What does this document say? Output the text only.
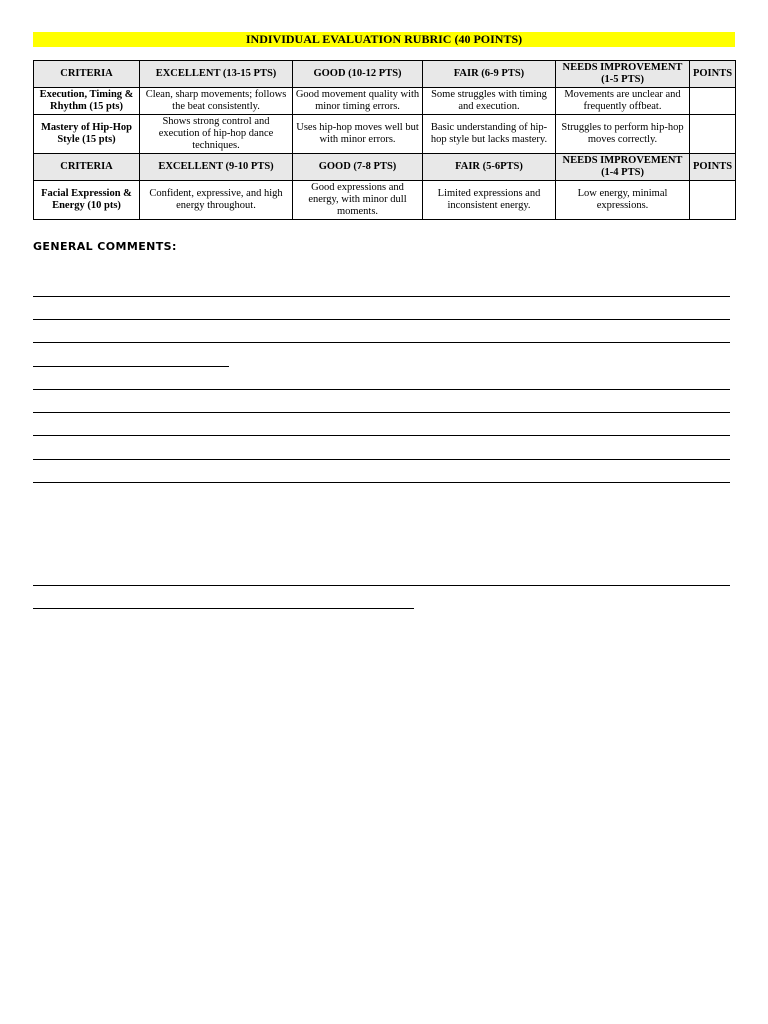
INDIVIDUAL EVALUATION RUBRIC (40 POINTS)
CRITERIA	EXCELLENT (13-15 PTS)	GOOD (10-12 PTS)	FAIR (6-9 PTS)	NEEDS IMPROVEMENT (1-5 PTS)	POINTS
Execution, Timing & Rhythm (15 pts)	Clean, sharp movements; follows the beat consistently.	Good movement quality with minor timing errors.	Some struggles with timing and execution.	Movements are unclear and frequently offbeat.	
Mastery of Hip-Hop Style (15 pts)	Shows strong control and execution of hip-hop dance techniques.	Uses hip-hop moves well but with minor errors.	Basic understanding of hip-hop style but lacks mastery.	Struggles to perform hip-hop moves correctly.	
CRITERIA	EXCELLENT (9-10 PTS)	GOOD (7-8 PTS)	FAIR (5-6PTS)	NEEDS IMPROVEMENT (1-4 PTS)	POINTS
Facial Expression & Energy (10 pts)	Confident, expressive, and high energy throughout.	Good expressions and energy, with minor dull moments.	Limited expressions and inconsistent energy.	Low energy, minimal expressions.	
GENERAL COMMENTS:
